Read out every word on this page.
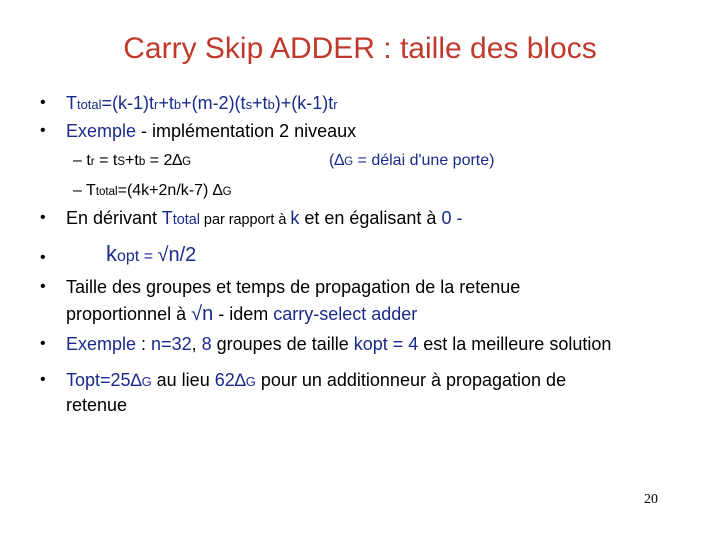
Carry Skip ADDER : taille des blocs
• Ttotal=(k-1)tr+tb+(m-2)(ts+tb)+(k-1)tr
• Exemple - implémentation 2 niveaux
– tr = tS+tb = 2∆G	(∆G = délai d'une porte)
– Ttotal=(4k+2n/k-7) ∆G
• En dérivant Ttotal par rapport à k et en égalisant à 0 -
•	kopt = √n/2
• Taille des groupes et temps de propagation de la retenue
proportionnel à √n - idem carry-select adder
• Exemple : n=32, 8 groupes de taille kopt = 4 est la meilleure solution
• Topt=25∆G au lieu 62∆G pour un additionneur à propagation de
retenue
20
